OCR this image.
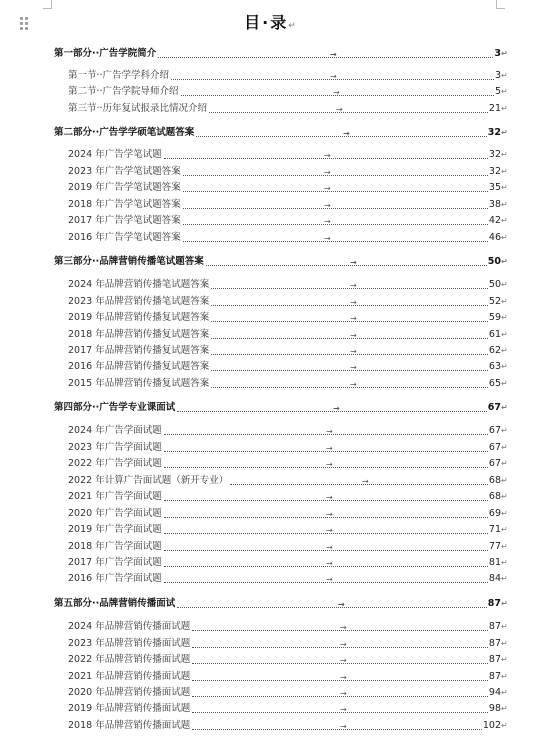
目·录↵
第一部分··广告学院简介	→	3 ↵
第一节··广告学学科介绍	→	3 ↵
第二节··广告学院导师介绍	→	5 ↵
第三节··历年复试报录比情况介绍	→	21 ↵
第二部分··广告学学硕笔试题答案	→	32 ↵
2024 年广告学笔试题	→	32 ↵
2023 年广告学笔试题答案	→	32 ↵
2019 年广告学笔试题答案	→	35 ↵
2018 年广告学笔试题答案	→	38 ↵
2017 年广告学笔试题答案	→	42 ↵
2016 年广告学笔试题答案	→	46 ↵
第三部分··品牌营销传播笔试题答案	→	50 ↵
2024 年品牌营销传播笔试题答案	→	50 ↵
2023 年品牌营销传播笔试题答案	→	52 ↵
2019 年品牌营销传播复试题答案	→	59 ↵
2018 年品牌营销传播复试题答案	→	61 ↵
2017 年品牌营销传播复试题答案	→	62 ↵
2016 年品牌营销传播复试题答案	→	63 ↵
2015 年品牌营销传播复试题答案	→	65 ↵
第四部分··广告学专业课面试	→	67 ↵
2024 年广告学面试题	→	67 ↵
2023 年广告学面试题	→	67 ↵
2022 年广告学面试题	→	67 ↵
2022 年计算广告面试题（新开专业）	→	68 ↵
2021 年广告学面试题	→	68 ↵
2020 年广告学面试题	→	69 ↵
2019 年广告学面试题	→	71 ↵
2018 年广告学面试题	→	77 ↵
2017 年广告学面试题	→	81 ↵
2016 年广告学面试题	→	84 ↵
第五部分··品牌营销传播面试	→	87 ↵
2024 年品牌营销传播面试题	→	87 ↵
2023 年品牌营销传播面试题	→	87 ↵
2022 年品牌营销传播面试题	→	87 ↵
2021 年品牌营销传播面试题	→	87 ↵
2020 年品牌营销传播面试题	→	94 ↵
2019 年品牌营销传播面试题	→	98 ↵
2018 年品牌营销传播面试题	→	102 ↵
